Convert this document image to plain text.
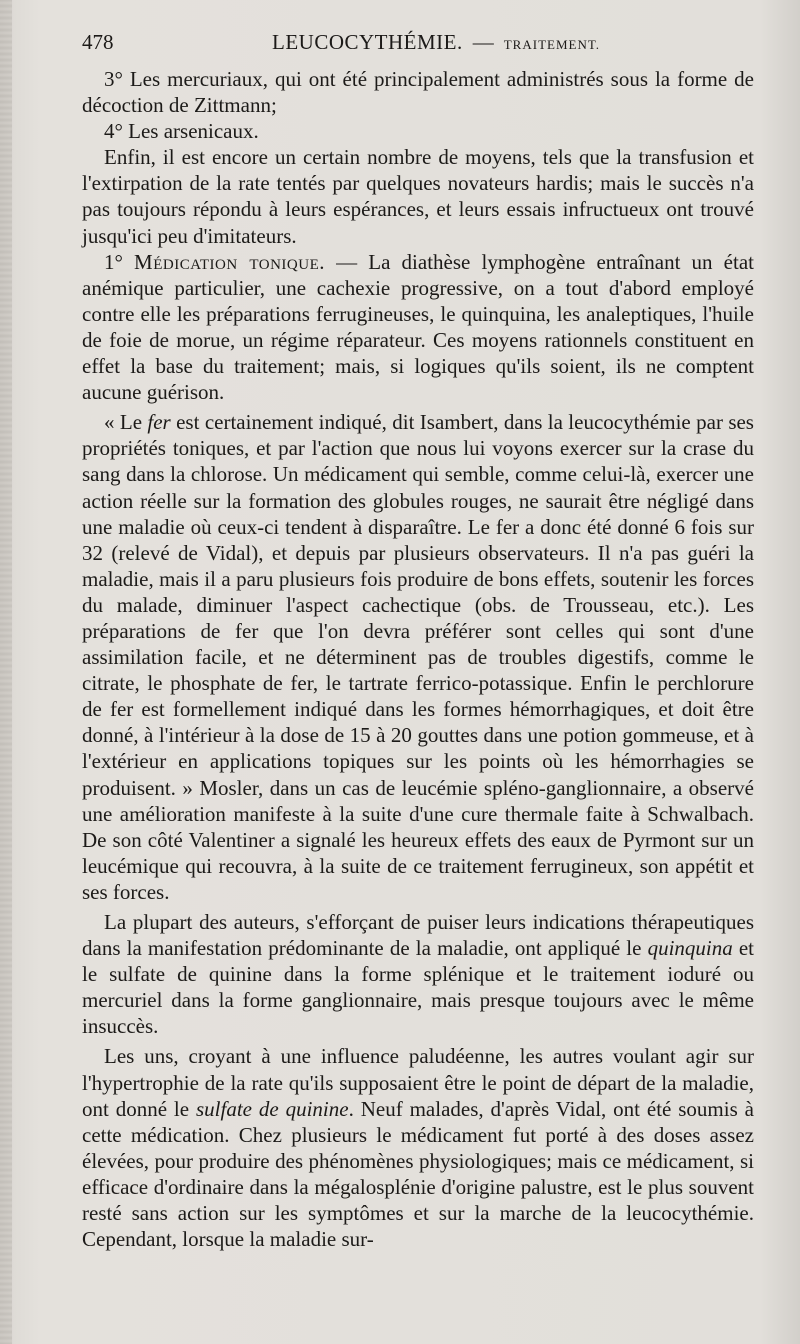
478	LEUCOCYTHÉMIE. — TRAITEMENT.

3° Les mercuriaux, qui ont été principalement administrés sous la forme de décoction de Zittmann;

4° Les arsenicaux.

Enfin, il est encore un certain nombre de moyens, tels que la transfusion et l'extirpation de la rate tentés par quelques novateurs hardis; mais le succès n'a pas toujours répondu à leurs espérances, et leurs essais infructueux ont trouvé jusqu'ici peu d'imitateurs.

1° Médication tonique. — La diathèse lymphogène entraînant un état anémique particulier, une cachexie progressive, on a tout d'abord employé contre elle les préparations ferrugineuses, le quinquina, les analeptiques, l'huile de foie de morue, un régime réparateur. Ces moyens rationnels constituent en effet la base du traitement; mais, si logiques qu'ils soient, ils ne comptent aucune guérison.

« Le fer est certainement indiqué, dit Isambert, dans la leucocythémie par ses propriétés toniques, et par l'action que nous lui voyons exercer sur la crase du sang dans la chlorose. Un médicament qui semble, comme celui-là, exercer une action réelle sur la formation des globules rouges, ne saurait être négligé dans une maladie où ceux-ci tendent à disparaître. Le fer a donc été donné 6 fois sur 32 (relevé de Vidal), et depuis par plusieurs observateurs. Il n'a pas guéri la maladie, mais il a paru plusieurs fois produire de bons effets, soutenir les forces du malade, diminuer l'aspect cachectique (obs. de Trousseau, etc.). Les préparations de fer que l'on devra préférer sont celles qui sont d'une assimilation facile, et ne déterminent pas de troubles digestifs, comme le citrate, le phosphate de fer, le tartrate ferrico-potassique. Enfin le perchlorure de fer est formellement indiqué dans les formes hémorrhagiques, et doit être donné, à l'intérieur à la dose de 15 à 20 gouttes dans une potion gommeuse, et à l'extérieur en applications topiques sur les points où les hémorrhagies se produisent. » Mosler, dans un cas de leucémie spléno-ganglionnaire, a observé une amélioration manifeste à la suite d'une cure thermale faite à Schwalbach. De son côté Valentiner a signalé les heureux effets des eaux de Pyrmont sur un leucémique qui recouvra, à la suite de ce traitement ferrugineux, son appétit et ses forces.

La plupart des auteurs, s'efforçant de puiser leurs indications thérapeutiques dans la manifestation prédominante de la maladie, ont appliqué le quinquina et le sulfate de quinine dans la forme splénique et le traitement ioduré ou mercuriel dans la forme ganglionnaire, mais presque toujours avec le même insuccès.

Les uns, croyant à une influence paludéenne, les autres voulant agir sur l'hypertrophie de la rate qu'ils supposaient être le point de départ de la maladie, ont donné le sulfate de quinine. Neuf malades, d'après Vidal, ont été soumis à cette médication. Chez plusieurs le médicament fut porté à des doses assez élevées, pour produire des phénomènes physiologiques; mais ce médicament, si efficace d'ordinaire dans la mégalosplénie d'origine palustre, est le plus souvent resté sans action sur les symptômes et sur la marche de la leucocythémie. Cependant, lorsque la maladie sur-
